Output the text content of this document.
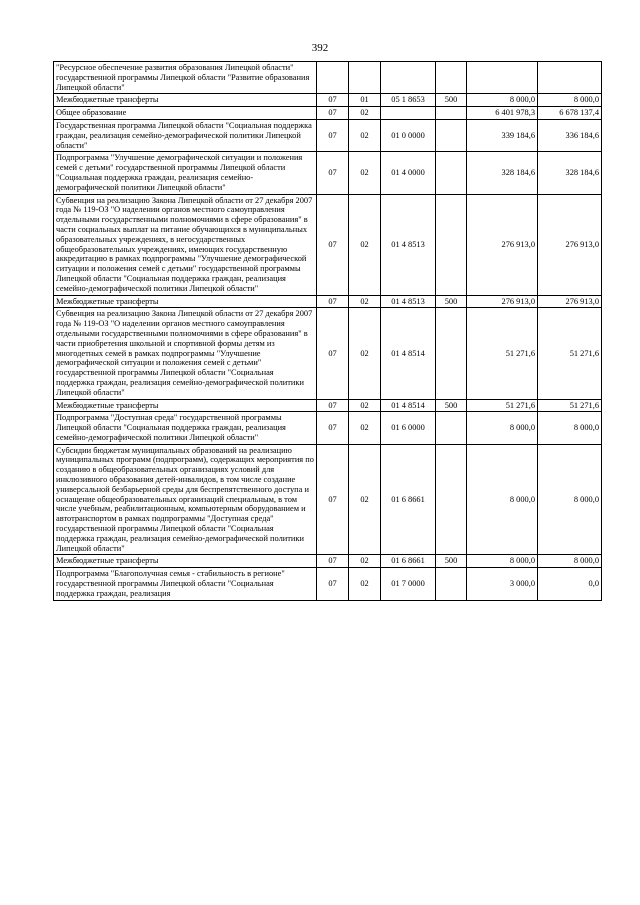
392
"Ресурсное обеспечение развития образования Липецкой области" государственной программы Липецкой области "Развитие образования Липецкой области"						
Межбюджетные трансферты	07	01	05 1 8653	500	8 000,0	8 000,0
Общее образование	07	02			6 401 978,3	6 678 137,4
Государственная программа Липецкой области "Социальная поддержка граждан, реализация семейно-демографической политики Липецкой области"	07	02	01 0 0000		339 184,6	336 184,6
Подпрограмма "Улучшение демографической ситуации и положения семей с детьми" государственной программы Липецкой области "Социальная поддержка граждан, реализация семейно-демографической политики Липецкой области"	07	02	01 4 0000		328 184,6	328 184,6
Субвенция на реализацию Закона Липецкой области от 27 декабря 2007 года № 119-ОЗ "О наделении органов местного самоуправления отдельными государственными полномочиями в сфере образования" в части социальных выплат на питание обучающихся в муниципальных образовательных учреждениях, в негосударственных общеобразовательных учреждениях, имеющих государственную аккредитацию в рамках подпрограммы "Улучшение демографической ситуации и положения семей с детьми" государственной программы Липецкой области "Социальная поддержка граждан, реализация семейно-демографической политики Липецкой области"	07	02	01 4 8513		276 913,0	276 913,0
Межбюджетные трансферты	07	02	01 4 8513	500	276 913,0	276 913,0
Субвенция на реализацию Закона Липецкой области от 27 декабря 2007 года № 119-ОЗ "О наделении органов местного самоуправления отдельными государственными полномочиями в сфере образования" в части приобретения школьной и спортивной формы детям из многодетных семей в рамках подпрограммы "Улучшение демографической ситуации и положения семей с детьми" государственной программы Липецкой области "Социальная поддержка граждан, реализация семейно-демографической политики Липецкой области"	07	02	01 4 8514		51 271,6	51 271,6
Межбюджетные трансферты	07	02	01 4 8514	500	51 271,6	51 271,6
Подпрограмма "Доступная среда" государственной программы Липецкой области "Социальная поддержка граждан, реализация семейно-демографической политики Липецкой области"	07	02	01 6 0000		8 000,0	8 000,0
Субсидии бюджетам муниципальных образований на реализацию муниципальных программ (подпрограмм), содержащих мероприятия по созданию в общеобразовательных организациях условий для инклюзивного образования детей-инвалидов, в том числе создание универсальной безбарьерной среды для беспрепятственного доступа и оснащение общеобразовательных организаций специальным, в том числе учебным, реабилитационным, компьютерным оборудованием и автотранспортом в рамках подпрограммы "Доступная среда" государственной программы Липецкой области "Социальная поддержка граждан, реализация семейно-демографической политики Липецкой области"	07	02	01 6 8661		8 000,0	8 000,0
Межбюджетные трансферты	07	02	01 6 8661	500	8 000,0	8 000,0
Подпрограмма "Благополучная семья - стабильность в регионе" государственной программы Липецкой области "Социальная поддержка граждан, реализация	07	02	01 7 0000		3 000,0	0,0
